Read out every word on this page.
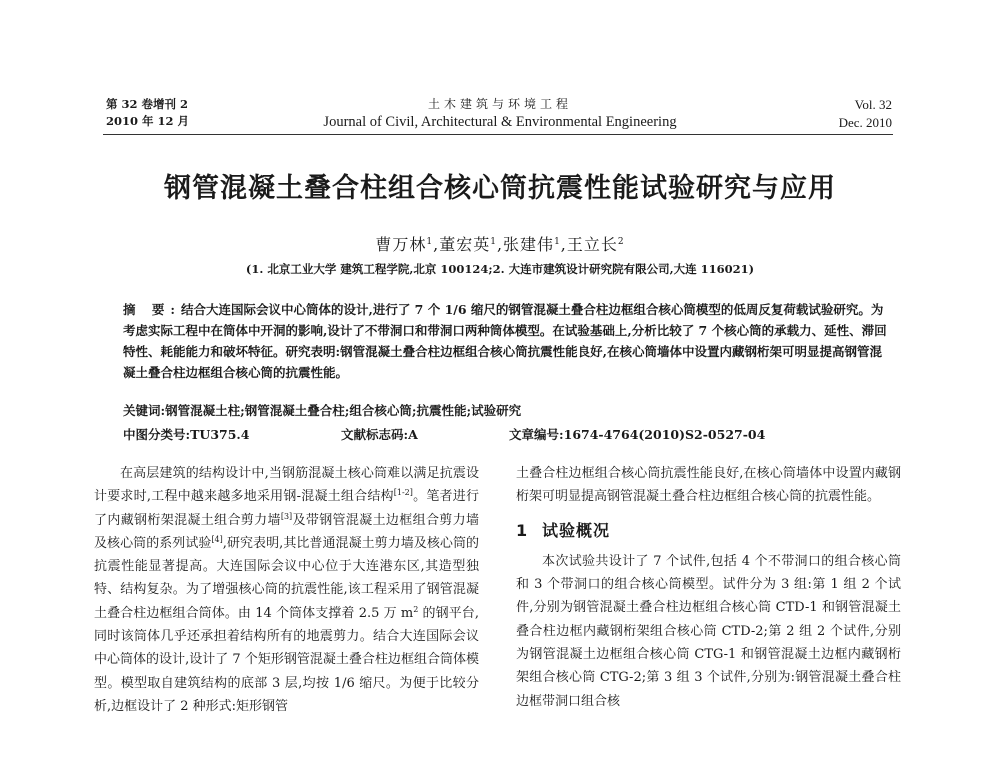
第 32 卷增刊 2
2010 年 12 月
土木建筑与环境工程
Journal of Civil, Architectural & Environmental Engineering
Vol. 32
Dec. 2010
钢管混凝土叠合柱组合核心筒抗震性能试验研究与应用
曹万林$^1$,董宏英$^1$,张建伟$^1$,王立长$^2$
(1. 北京工业大学 建筑工程学院,北京 100124;2. 大连市建筑设计研究院有限公司,大连 116021)

摘 要:结合大连国际会议中心筒体的设计,进行了 7 个 1/6 缩尺的钢管混凝土叠合柱边框组合核心筒模型的低周反复荷载试验研究。为考虑实际工程中在筒体中开洞的影响,设计了不带洞口和带洞口两种筒体模型。在试验基础上,分析比较了 7 个核心筒的承载力、延性、滞回特性、耗能能力和破坏特征。研究表明:钢管混凝土叠合柱边框组合核心筒抗震性能良好,在核心筒墙体中设置内藏钢桁架可明显提高钢管混凝土叠合柱边框组合核心筒的抗震性能。

关键词:钢管混凝土柱;钢管混凝土叠合柱;组合核心筒;抗震性能;试验研究
中图分类号:TU375.4	文献标志码:A	文章编号:1674-4764(2010)S2-0527-04

在高层建筑的结构设计中,当钢筋混凝土核心筒难以满足抗震设计要求时,工程中越来越多地采用钢-混凝土组合结构[1-2]。笔者进行了内藏钢桁架混凝土组合剪力墙[3]及带钢管混凝土边框组合剪力墙及核心筒的系列试验[4],研究表明,其比普通混凝土剪力墙及核心筒的抗震性能显著提高。大连国际会议中心位于大连港东区,其造型独特、结构复杂。为了增强核心筒的抗震性能,该工程采用了钢管混凝土叠合柱边框组合筒体。由 14 个筒体支撑着 2.5 万 $m^2$ 的钢平台,同时该筒体几乎还承担着结构所有的地震剪力。结合大连国际会议中心筒体的设计,设计了 7 个矩形钢管混凝土叠合柱边框组合筒体模型。模型取自建筑结构的底部 3 层,均按 1/6 缩尺。为便于比较分析,边框设计了 2 种形式:矩形钢管

土叠合柱边框组合核心筒抗震性能良好,在核心筒墙体中设置内藏钢桁架可明显提高钢管混凝土叠合柱边框组合核心筒的抗震性能。

1 试验概况

本次试验共设计了 7 个试件,包括 4 个不带洞口的组合核心筒和 3 个带洞口的组合核心筒模型。试件分为 3 组:第 1 组 2 个试件,分别为钢管混凝土叠合柱边框组合核心筒 CTD-1 和钢管混凝土叠合柱边框内藏钢桁架组合核心筒 CTD-2;第 2 组 2 个试件,分别为钢管混凝土边框组合核心筒 CTG-1 和钢管混凝土边框内藏钢桁架组合核心筒 CTG-2;第 3 组 3 个试件,分别为:钢管混凝土叠合柱边框带洞口组合核
